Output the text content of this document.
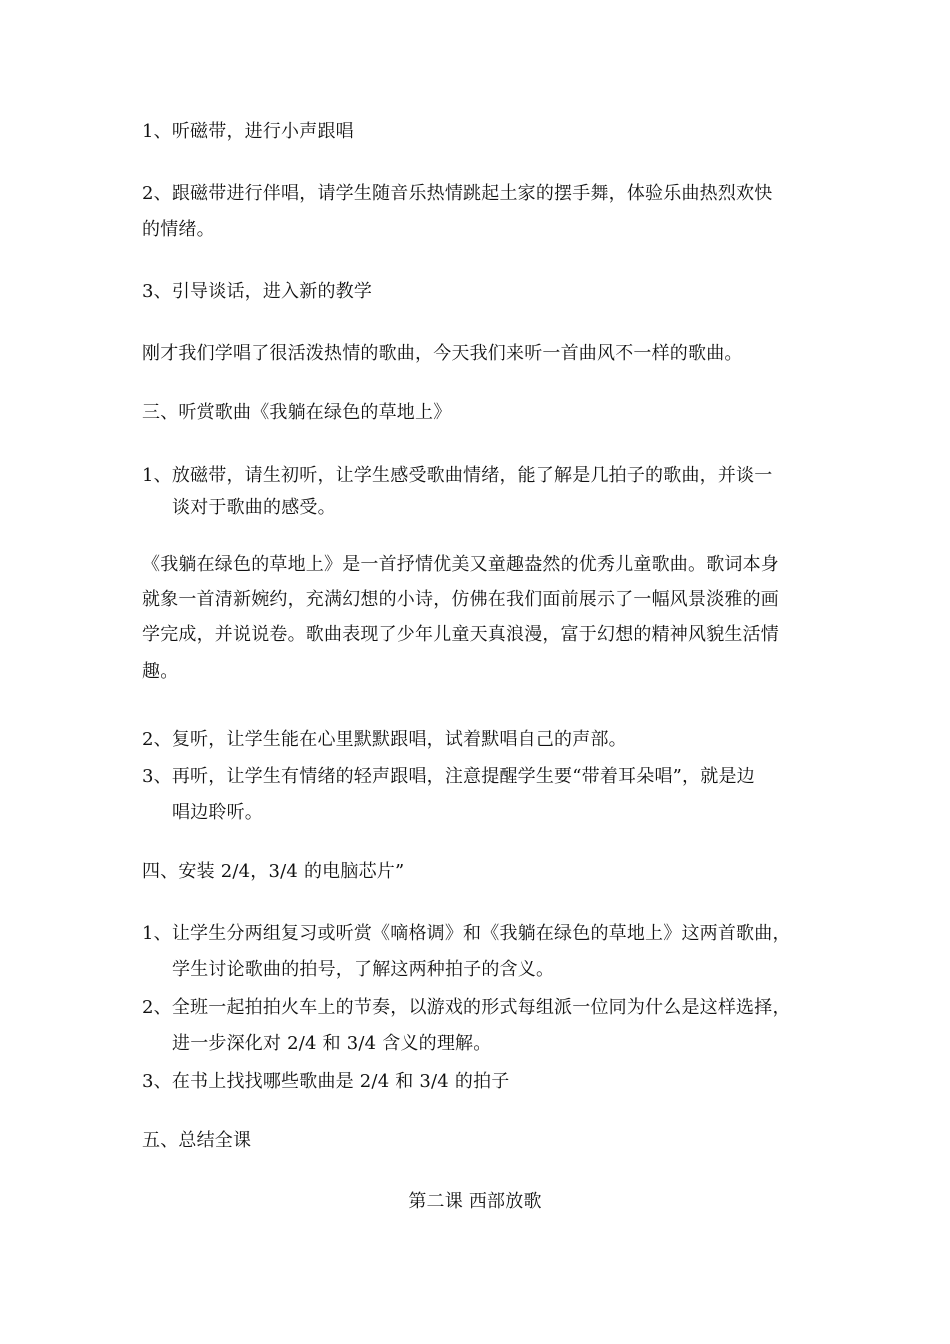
1、听磁带，进行小声跟唱
2、跟磁带进行伴唱，请学生随音乐热情跳起土家的摆手舞，体验乐曲热烈欢快
的情绪。
3、引导谈话，进入新的教学
刚才我们学唱了很活泼热情的歌曲，今天我们来听一首曲风不一样的歌曲。
三、听赏歌曲《我躺在绿色的草地上》
1、放磁带，请生初听，让学生感受歌曲情绪，能了解是几拍子的歌曲，并谈一
谈对于歌曲的感受。
《我躺在绿色的草地上》是一首抒情优美又童趣盎然的优秀儿童歌曲。歌词本身
就象一首清新婉约，充满幻想的小诗，仿佛在我们面前展示了一幅风景淡雅的画
学完成，并说说卷。歌曲表现了少年儿童天真浪漫，富于幻想的精神风貌生活情
趣。
2、复听，让学生能在心里默默跟唱，试着默唱自己的声部。
3、再听，让学生有情绪的轻声跟唱，注意提醒学生要“带着耳朵唱”，就是边
唱边聆听。
四、安装 2/4，3/4 的电脑芯片”
1、让学生分两组复习或听赏《嘀格调》和《我躺在绿色的草地上》这两首歌曲，
学生讨论歌曲的拍号，了解这两种拍子的含义。
2、全班一起拍拍火车上的节奏，以游戏的形式每组派一位同为什么是这样选择，
进一步深化对 2/4 和 3/4 含义的理解。
3、在书上找找哪些歌曲是 2/4 和 3/4 的拍子
五、总结全课
第二课 西部放歌
